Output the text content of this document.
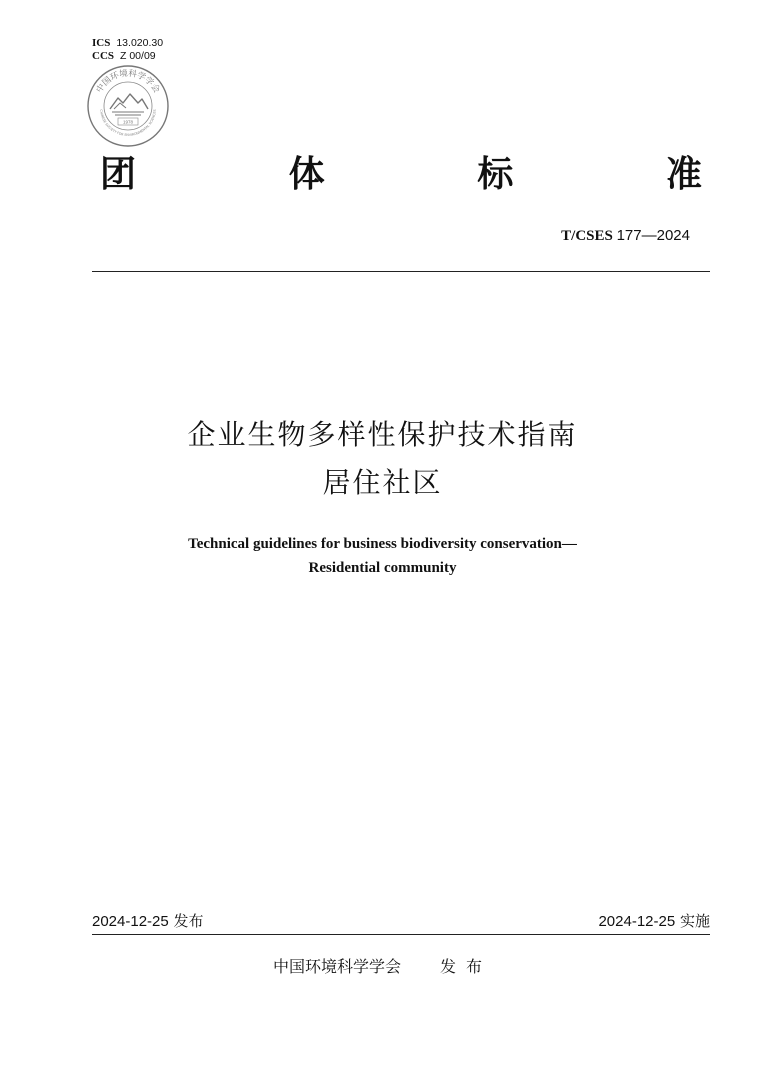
ICS 13.020.30
CCS Z 00/09
中国环境科学学会
CHINESE SOCIETY FOR ENVIRONMENTAL SCIENCES
1978
团	体	标	准
T/CSES 177—2024
企业生物多样性保护技术指南
居住社区
Technical guidelines for business biodiversity conservation—
Residential community
2024-12-25 发布	2024-12-25 实施
中国环境科学学会 发布
